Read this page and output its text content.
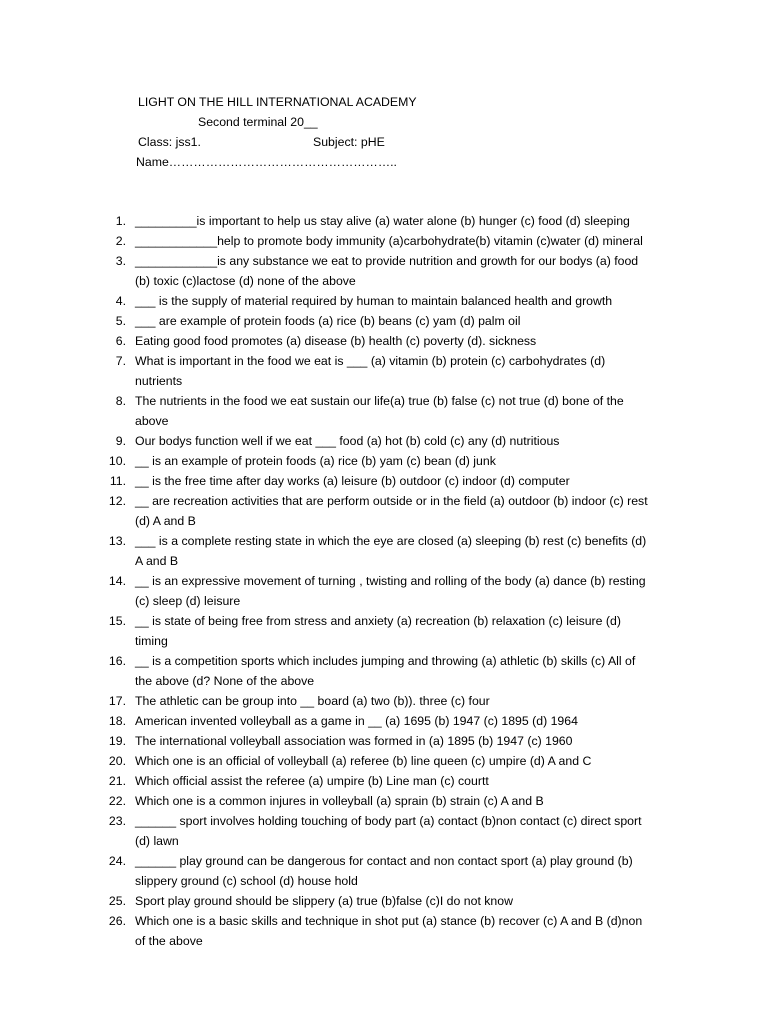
LIGHT ON THE HILL INTERNATIONAL ACADEMY
Second terminal 20__
Class: jss1.	Subject: pHE
Name………………………………………………..
1. _________is important to help us stay alive (a) water alone (b) hunger (c) food (d) sleeping
2. ____________help to promote body immunity (a)carbohydrate(b) vitamin (c)water (d) mineral
3. ____________is any substance we eat to provide nutrition and growth for our bodys (a) food (b) toxic (c)lactose (d) none of the above
4. ___ is the supply of material required by human to maintain balanced health and growth
5. ___ are example of protein foods (a) rice (b) beans (c) yam (d) palm oil
6. Eating good food promotes (a) disease (b) health (c) poverty (d). sickness
7. What is important in the food we eat is ___ (a) vitamin (b) protein (c) carbohydrates (d) nutrients
8. The nutrients in the food we eat sustain our life(a) true (b) false (c) not true (d) bone of the above
9. Our bodys function well if we eat ___ food (a) hot (b) cold (c) any (d) nutritious
10. __ is an example of protein foods (a) rice (b) yam (c) bean (d) junk
11. __ is the free time after day works (a) leisure (b) outdoor (c) indoor (d) computer
12. __ are recreation activities that are perform outside or in the field (a) outdoor (b) indoor (c) rest (d) A and B
13. ___ is a complete resting state in which the eye are closed (a) sleeping (b) rest (c) benefits (d) A and B
14. __ is an expressive movement of turning , twisting and rolling of the body (a) dance (b) resting (c) sleep (d) leisure
15. __ is state of being free from stress and anxiety (a) recreation (b) relaxation (c) leisure (d) timing
16. __ is a competition sports which includes jumping and throwing (a) athletic (b) skills (c) All of the above (d? None of the above
17. The athletic can be group into __ board (a) two (b)). three (c) four
18. American invented volleyball as a game in __ (a) 1695 (b) 1947 (c) 1895 (d) 1964
19. The international volleyball association was formed in (a) 1895 (b) 1947 (c) 1960
20. Which one is an official of volleyball (a) referee (b) line queen (c) umpire (d) A and C
21. Which official assist the referee (a) umpire (b) Line man (c) courtt
22. Which one is a common injures in volleyball (a) sprain (b) strain (c) A and B
23. ______ sport involves holding touching of body part (a) contact (b)non contact (c) direct sport (d) lawn
24. ______ play ground can be dangerous for contact and non contact sport (a) play ground (b) slippery ground (c) school (d) house hold
25. Sport play ground should be slippery (a) true (b)false (c)I do not know
26. Which one is a basic skills and technique in shot put (a) stance (b) recover (c) A and B (d)non of the above
